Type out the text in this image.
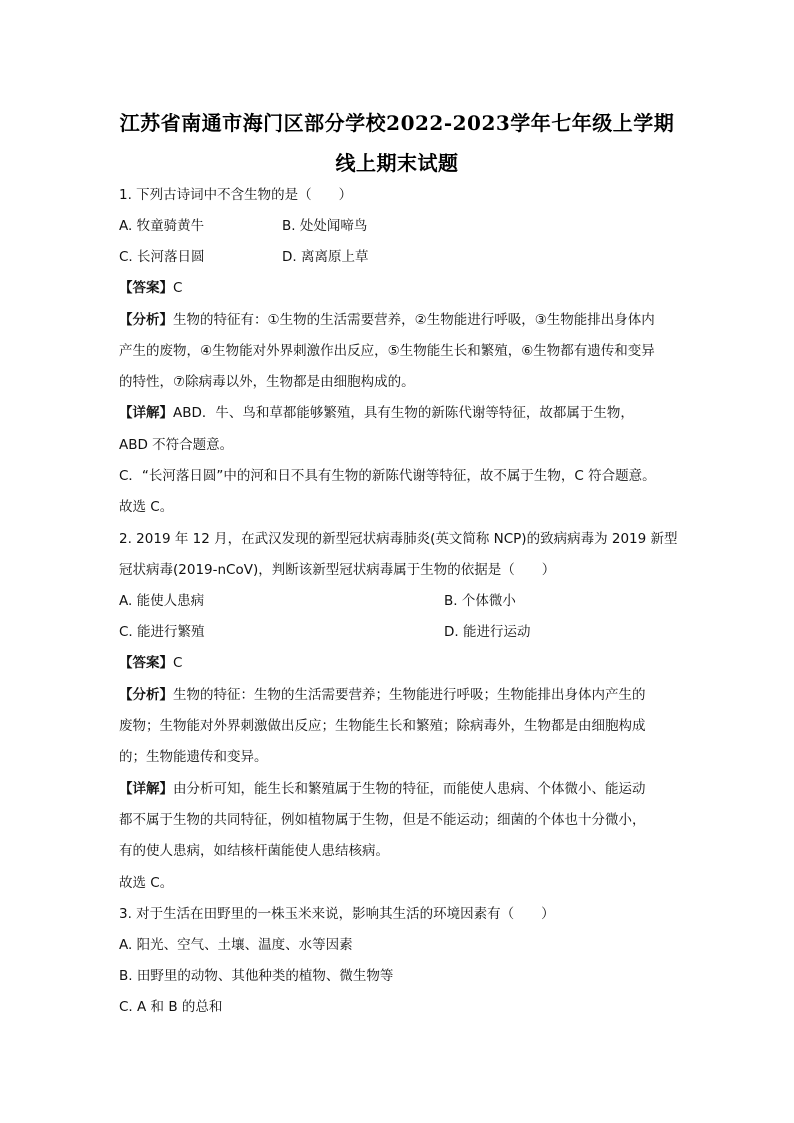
江苏省南通市海门区部分学校2022-2023学年七年级上学期
线上期末试题
1. 下列古诗词中不含生物的是（　　）
A. 牧童骑黄牛	B. 处处闻啼鸟
C. 长河落日圆	D. 离离原上草
【答案】C
【分析】生物的特征有：①生物的生活需要营养，②生物能进行呼吸，③生物能排出身体内
产生的废物，④生物能对外界刺激作出反应，⑤生物能生长和繁殖，⑥生物都有遗传和变异
的特性，⑦除病毒以外，生物都是由细胞构成的。
【详解】ABD．牛、鸟和草都能够繁殖，具有生物的新陈代谢等特征，故都属于生物，
ABD 不符合题意。
C．“长河落日圆”中的河和日不具有生物的新陈代谢等特征，故不属于生物，C 符合题意。
故选 C。
2. 2019 年 12 月，在武汉发现的新型冠状病毒肺炎(英文简称 NCP)的致病病毒为 2019 新型
冠状病毒(2019-nCoV)，判断该新型冠状病毒属于生物的依据是（　　）
A. 能使人患病	B. 个体微小
C. 能进行繁殖	D. 能进行运动
【答案】C
【分析】生物的特征：生物的生活需要营养；生物能进行呼吸；生物能排出身体内产生的
废物；生物能对外界刺激做出反应；生物能生长和繁殖；除病毒外，生物都是由细胞构成
的；生物能遗传和变异。
【详解】由分析可知，能生长和繁殖属于生物的特征，而能使人患病、个体微小、能运动
都不属于生物的共同特征，例如植物属于生物，但是不能运动；细菌的个体也十分微小，
有的使人患病，如结核杆菌能使人患结核病。
故选 C。
3. 对于生活在田野里的一株玉米来说，影响其生活的环境因素有（　　）
A. 阳光、空气、土壤、温度、水等因素
B. 田野里的动物、其他种类的植物、微生物等
C. A 和 B 的总和
